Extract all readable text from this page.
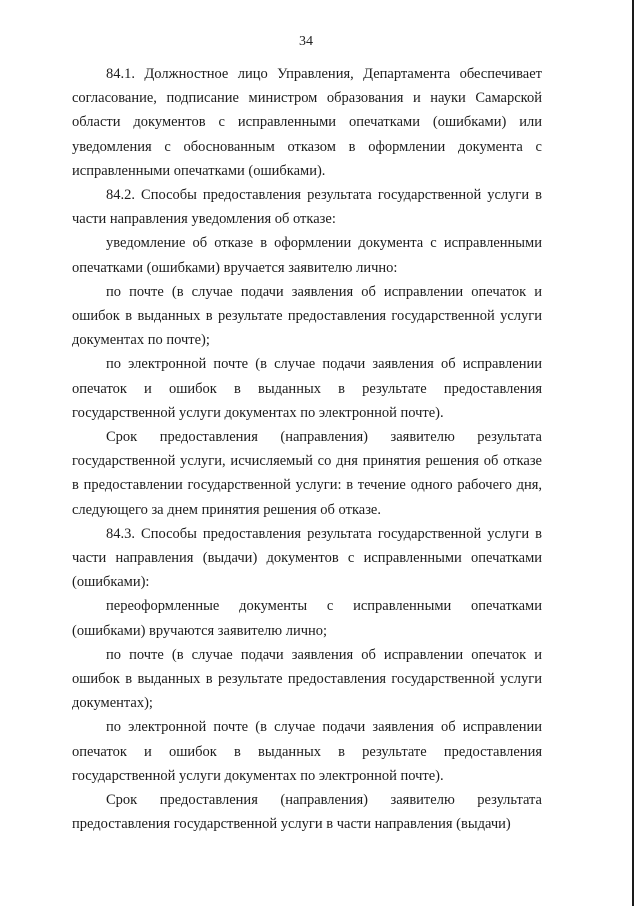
34

84.1. Должностное лицо Управления, Департамента обеспечивает согласование, подписание министром образования и науки Самарской области документов с исправленными опечатками (ошибками) или уведомления с обоснованным отказом в оформлении документа с исправленными опечатками (ошибками).

84.2. Способы предоставления результата государственной услуги в части направления уведомления об отказе:

уведомление об отказе в оформлении документа с исправленными опечатками (ошибками) вручается заявителю лично:

по почте (в случае подачи заявления об исправлении опечаток и ошибок в выданных в результате предоставления государственной услуги документах по почте);

по электронной почте (в случае подачи заявления об исправлении опечаток и ошибок в выданных в результате предоставления государственной услуги документах по электронной почте).

Срок предоставления (направления) заявителю результата государственной услуги, исчисляемый со дня принятия решения об отказе в предоставлении государственной услуги: в течение одного рабочего дня, следующего за днем принятия решения об отказе.

84.3. Способы предоставления результата государственной услуги в части направления (выдачи) документов с исправленными опечатками (ошибками):

переоформленные документы с исправленными опечатками (ошибками) вручаются заявителю лично;

по почте (в случае подачи заявления об исправлении опечаток и ошибок в выданных в результате предоставления государственной услуги документах);

по электронной почте (в случае подачи заявления об исправлении опечаток и ошибок в выданных в результате предоставления государственной услуги документах по электронной почте).

Срок предоставления (направления) заявителю результата предоставления государственной услуги в части направления (выдачи)
